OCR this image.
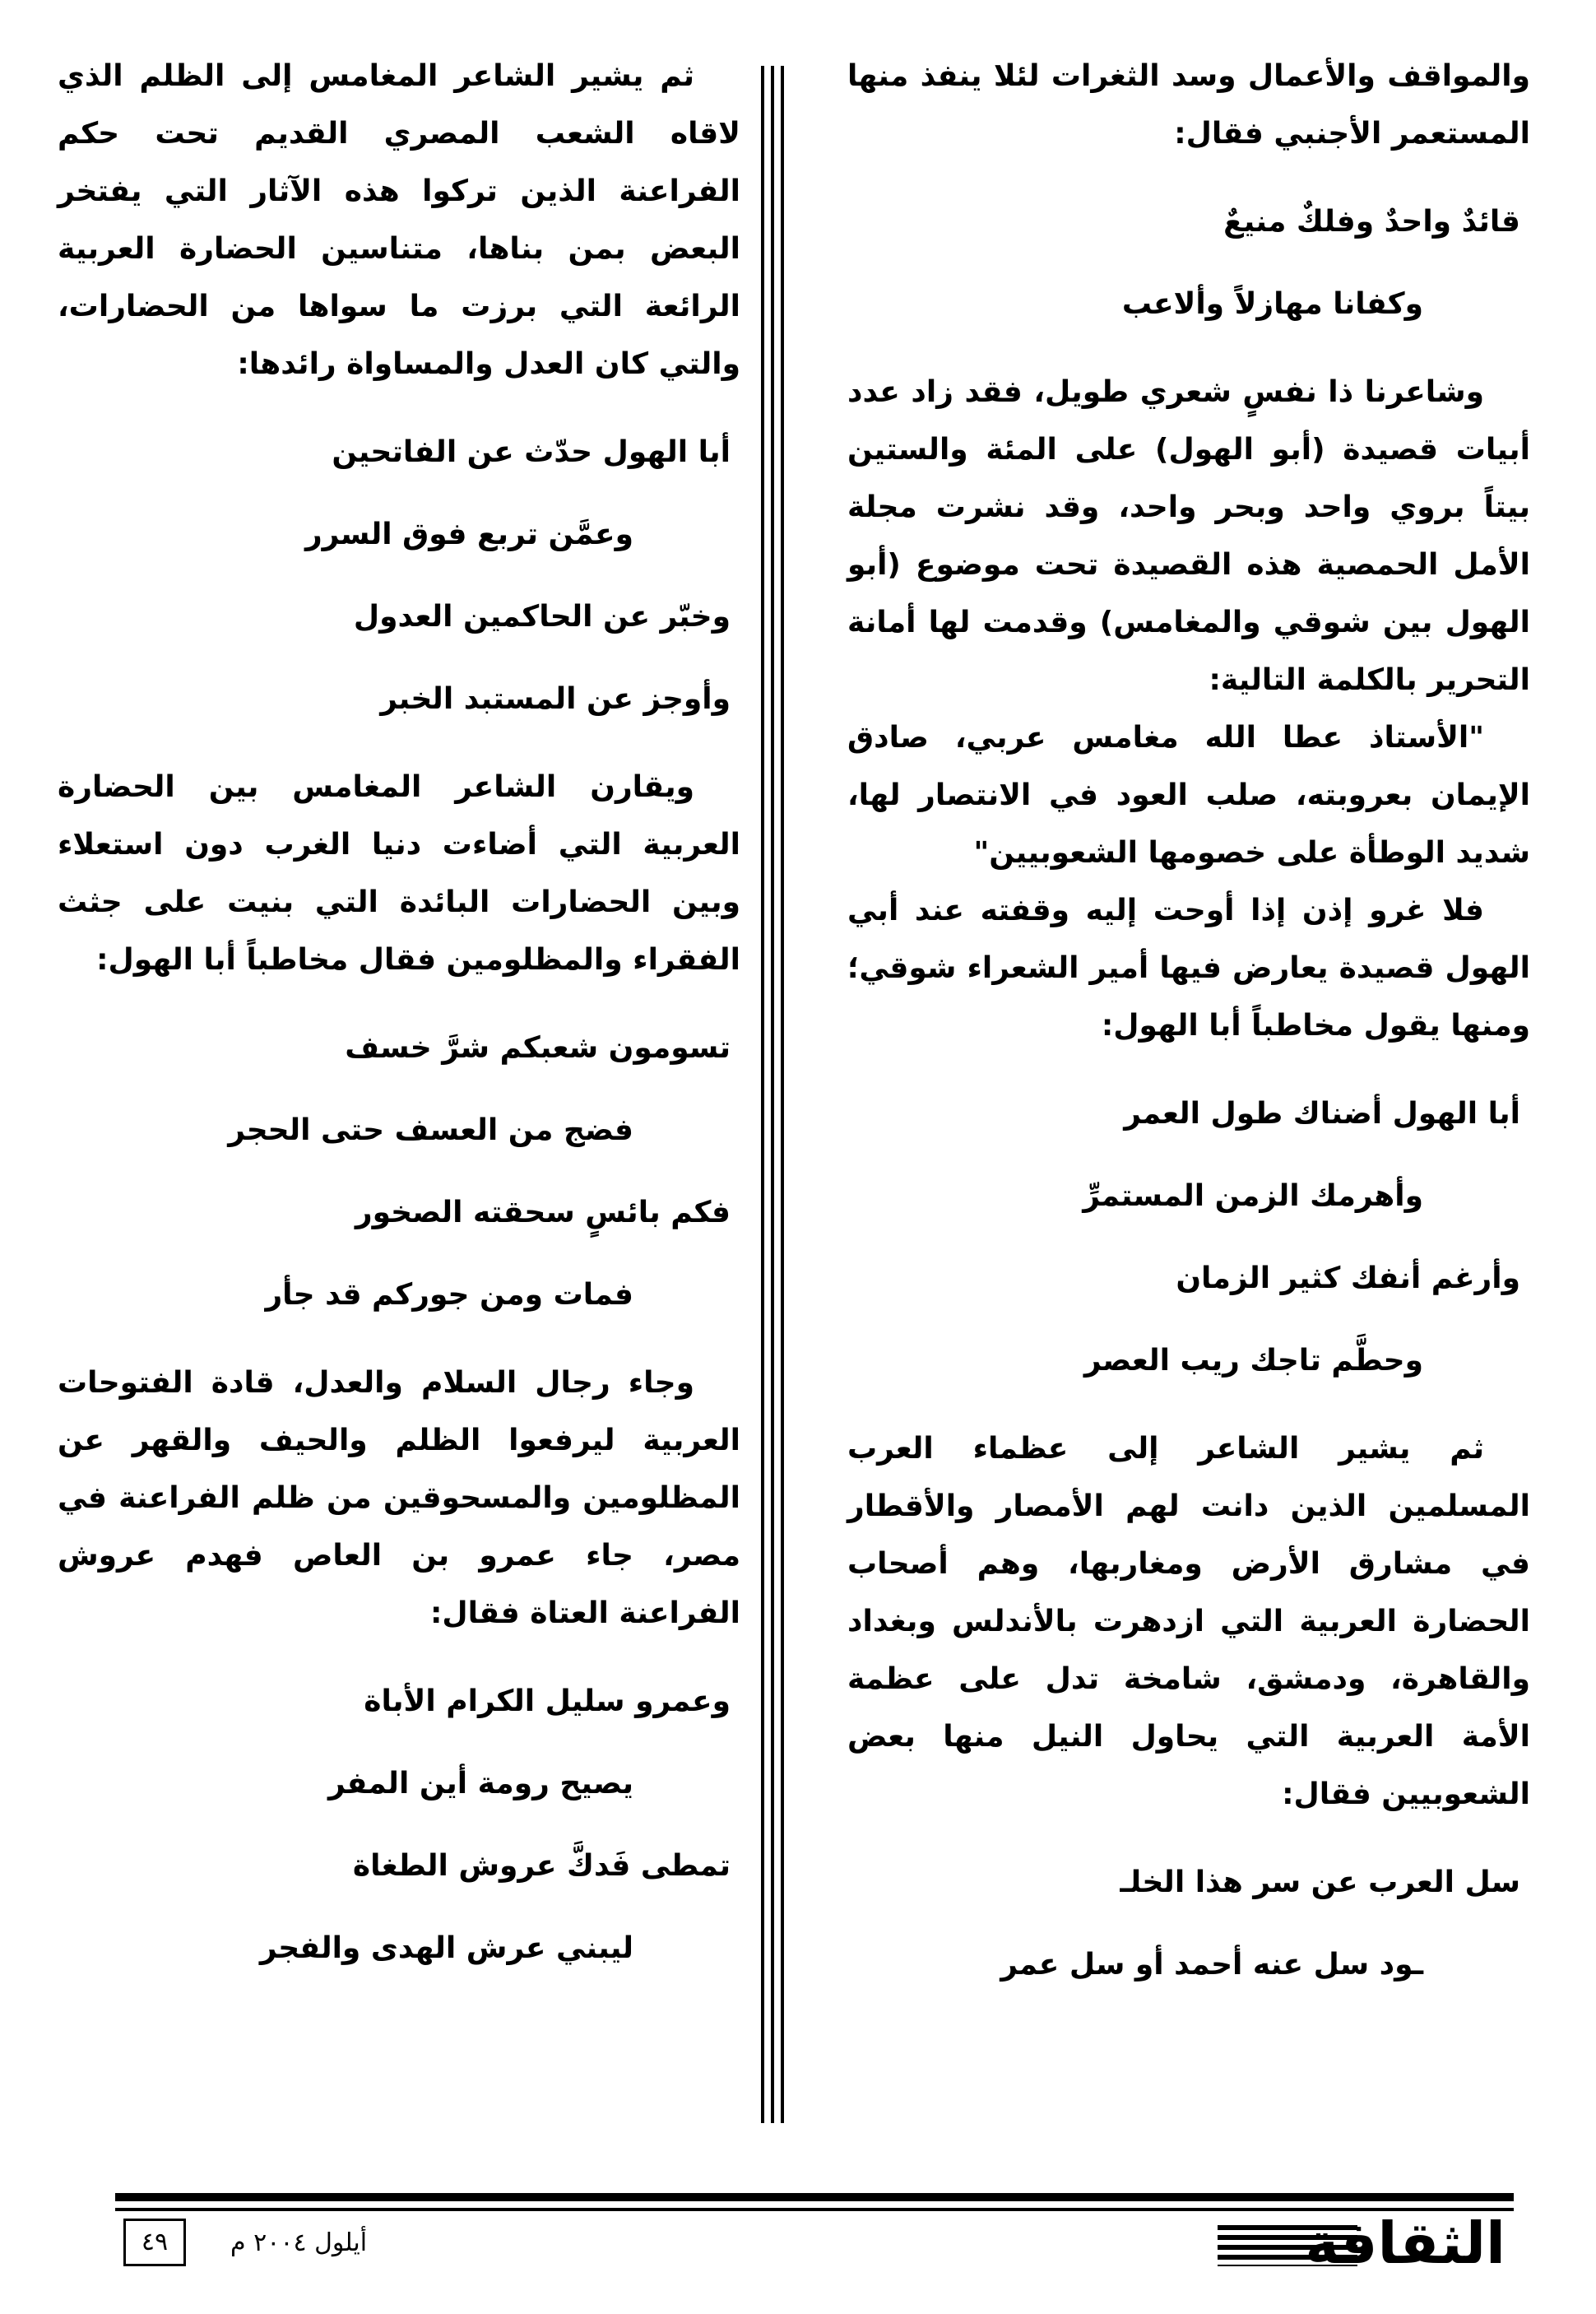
والمواقف والأعمال وسد الثغرات لئلا ينفذ منها المستعمر الأجنبي فقال:

قائدٌ واحدٌ وفلكٌ منيعٌ
وكفانا مهازلاً وألاعب

وشاعرنا ذا نفسٍ شعري طويل، فقد زاد عدد أبيات قصيدة (أبو الهول) على المئة والستين بيتاً بروي واحد وبحر واحد، وقد نشرت مجلة الأمل الحمصية هذه القصيدة تحت موضوع (أبو الهول بين شوقي والمغامس) وقدمت لها أمانة التحرير بالكلمة التالية:

"الأستاذ عطا الله مغامس عربي، صادق الإيمان بعروبته، صلب العود في الانتصار لها، شديد الوطأة على خصومها الشعوبيين"

فلا غرو إذن إذا أوحت إليه وقفته عند أبي الهول قصيدة يعارض فيها أمير الشعراء شوقي؛ ومنها يقول مخاطباً أبا الهول:

أبا الهول أضناك طول العمر
وأهرمك الزمن المستمرِّ
وأرغم أنفك كثير الزمان
وحطَّم تاجك ريب العصر

ثم يشير الشاعر إلى عظماء العرب المسلمين الذين دانت لهم الأمصار والأقطار في مشارق الأرض ومغاربها، وهم أصحاب الحضارة العربية التي ازدهرت بالأندلس وبغداد والقاهرة، ودمشق، شامخة تدل على عظمة الأمة العربية التي يحاول النيل منها بعض الشعوبيين فقال:

سل العرب عن سر هذا الخلـ
ـود سل عنه أحمد أو سل عمر

ثم يشير الشاعر المغامس إلى الظلم الذي لاقاه الشعب المصري القديم تحت حكم الفراعنة الذين تركوا هذه الآثار التي يفتخر البعض بمن بناها، متناسين الحضارة العربية الرائعة التي برزت ما سواها من الحضارات، والتي كان العدل والمساواة رائدها:

أبا الهول حدّث عن الفاتحين
وعمَّن تربع فوق السرر
وخبّر عن الحاكمين العدول
وأوجز عن المستبد الخبر

ويقارن الشاعر المغامس بين الحضارة العربية التي أضاءت دنيا الغرب دون استعلاء وبين الحضارات البائدة التي بنيت على جثث الفقراء والمظلومين فقال مخاطباً أبا الهول:

تسومون شعبكم شرَّ خسف
فضج من العسف حتى الحجر
فكم بائسٍ سحقته الصخور
فمات ومن جوركم قد جأر

وجاء رجال السلام والعدل، قادة الفتوحات العربية ليرفعوا الظلم والحيف والقهر عن المظلومين والمسحوقين من ظلم الفراعنة في مصر، جاء عمرو بن العاص فهدم عروش الفراعنة العتاة فقال:

وعمرو سليل الكرام الأباة
يصيح رومة أين المفر
تمطى فَدكَّ عروش الطغاة
ليبني عرش الهدى والفجر
الثقافة
أيلول ٢٠٠٤ م
٤٩
